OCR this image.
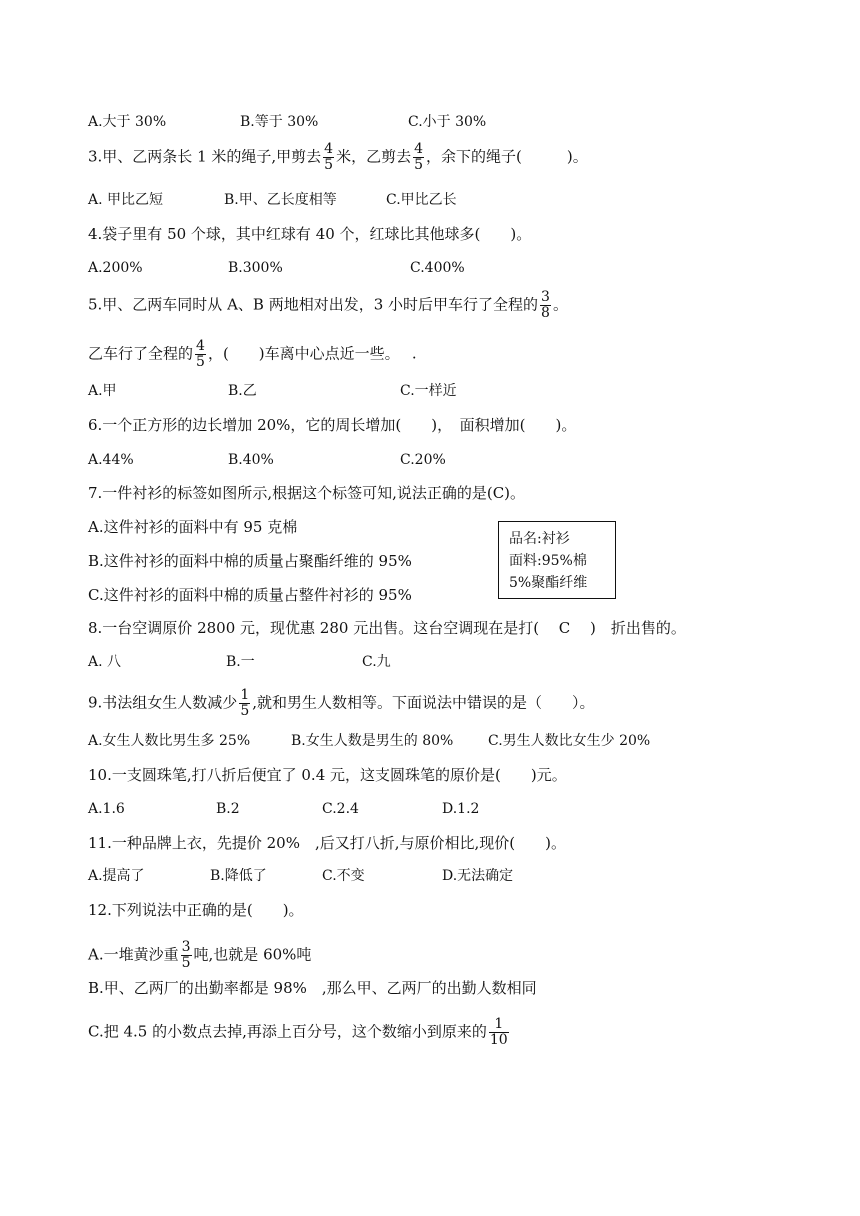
A.大于 30%	B.等于 30%	C.小于 30%
3.甲、乙两条长 1 米的绳子,甲剪去 $\frac{4}{5}$ 米，乙剪去 $\frac{4}{5}$ ，余下的绳子(　　　)。
A. 甲比乙短	B.甲、乙长度相等	C.甲比乙长
4.袋子里有 50 个球，其中红球有 40 个，红球比其他球多(　　)。
A.200%	B.300%	C.400%
5.甲、乙两车同时从 A、B 两地相对出发，3 小时后甲车行了全程的 $\frac{3}{8}$ 。
乙车行了全程的 $\frac{4}{5}$ ，(　　)车离中心点近一些。　 .
A.甲	B.乙	C.一样近
6.一个正方形的边长增加 20%，它的周长增加(　　)，　面积增加(　　)。
A.44%	B.40%	C.20%
7.一件衬衫的标签如图所示,根据这个标签可知,说法正确的是(C)。
A.这件衬衫的面料中有 95 克棉
B.这件衬衫的面料中棉的质量占聚酯纤维的 95%
C.这件衬衫的面料中棉的质量占整件衬衫的 95%
品名:衬衫
面料:95%棉
5%聚酯纤维
8.一台空调原价 2800 元，现优惠 280 元出售。这台空调现在是打(　 C　 )　折出售的。
A. 八	B.一	C.九
9.书法组女生人数减少 $\frac{1}{5}$ ,就和男生人数相等。下面说法中错误的是（　　）。
A.女生人数比男生多 25%	B.女生人数是男生的 80% C.男生人数比女生少 20%
10.一支圆珠笔,打八折后便宜了 0.4 元，这支圆珠笔的原价是(　　)元。
A.1.6	B.2	C.2.4	D.1.2
11.一种品牌上衣，先提价 20%　,后又打八折,与原价相比,现价(　　)。
A.提高了	B.降低了	C.不变	D.无法确定
12.下列说法中正确的是(　　)。
A.一堆黄沙重 $\frac{3}{5}$ 吨,也就是 60%吨
B.甲、乙两厂的出勤率都是 98%　,那么甲、乙两厂的出勤人数相同
C.把 4.5 的小数点去掉,再添上百分号，这个数缩小到原来的 $\frac{1}{10}$
